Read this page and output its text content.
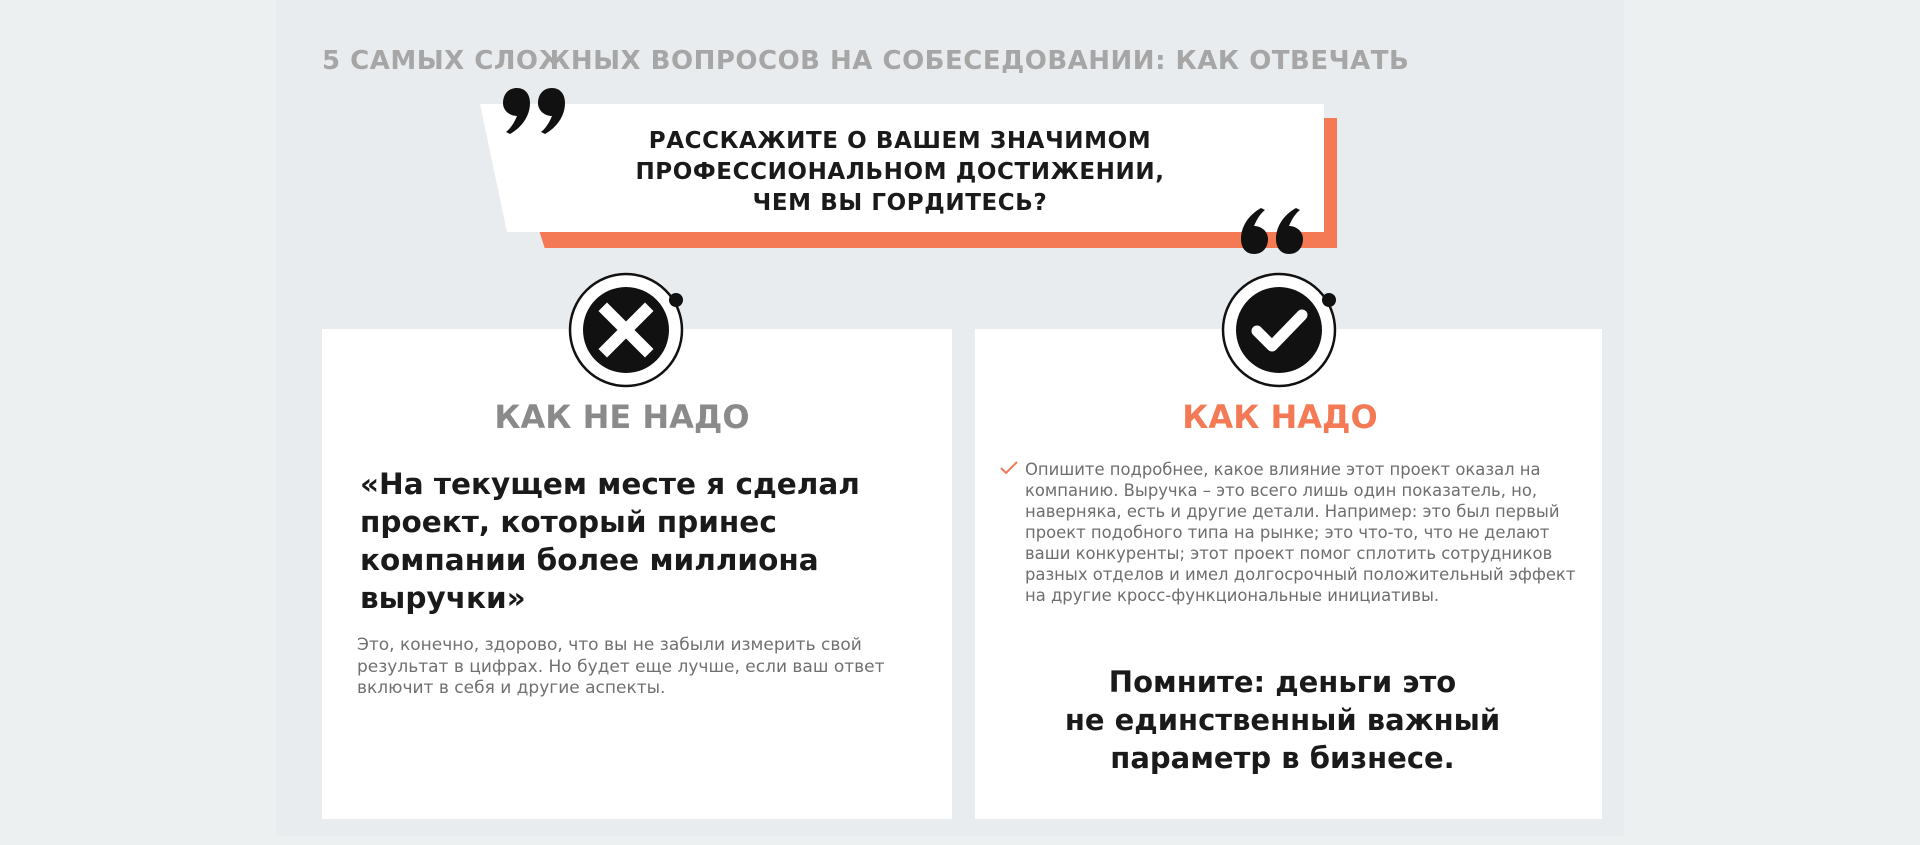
5 САМЫХ СЛОЖНЫХ ВОПРОСОВ НА СОБЕСЕДОВАНИИ: КАК ОТВЕЧАТЬ
РАССКАЖИТЕ О ВАШЕМ ЗНАЧИМОМ
ПРОФЕССИОНАЛЬНОМ ДОСТИЖЕНИИ,
ЧЕМ ВЫ ГОРДИТЕСЬ?
КАК НЕ НАДО	КАК НАДО
«На текущем месте я сделал проект, который принес компании более миллиона выручки»
Это, конечно, здорово, что вы не забыли измерить свой результат в цифрах. Но будет еще лучше, если ваш ответ включит в себя и другие аспекты.
Опишите подробнее, какое влияние этот проект оказал на компанию. Выручка – это всего лишь один показатель, но, наверняка, есть и другие детали. Например: это был первый проект подобного типа на рынке; это что-то, что не делают ваши конкуренты; этот проект помог сплотить сотрудников разных отделов и имел долгосрочный положительный эффект на другие кросс-функциональные инициативы.
Помните: деньги это
не единственный важный
параметр в бизнесе.
